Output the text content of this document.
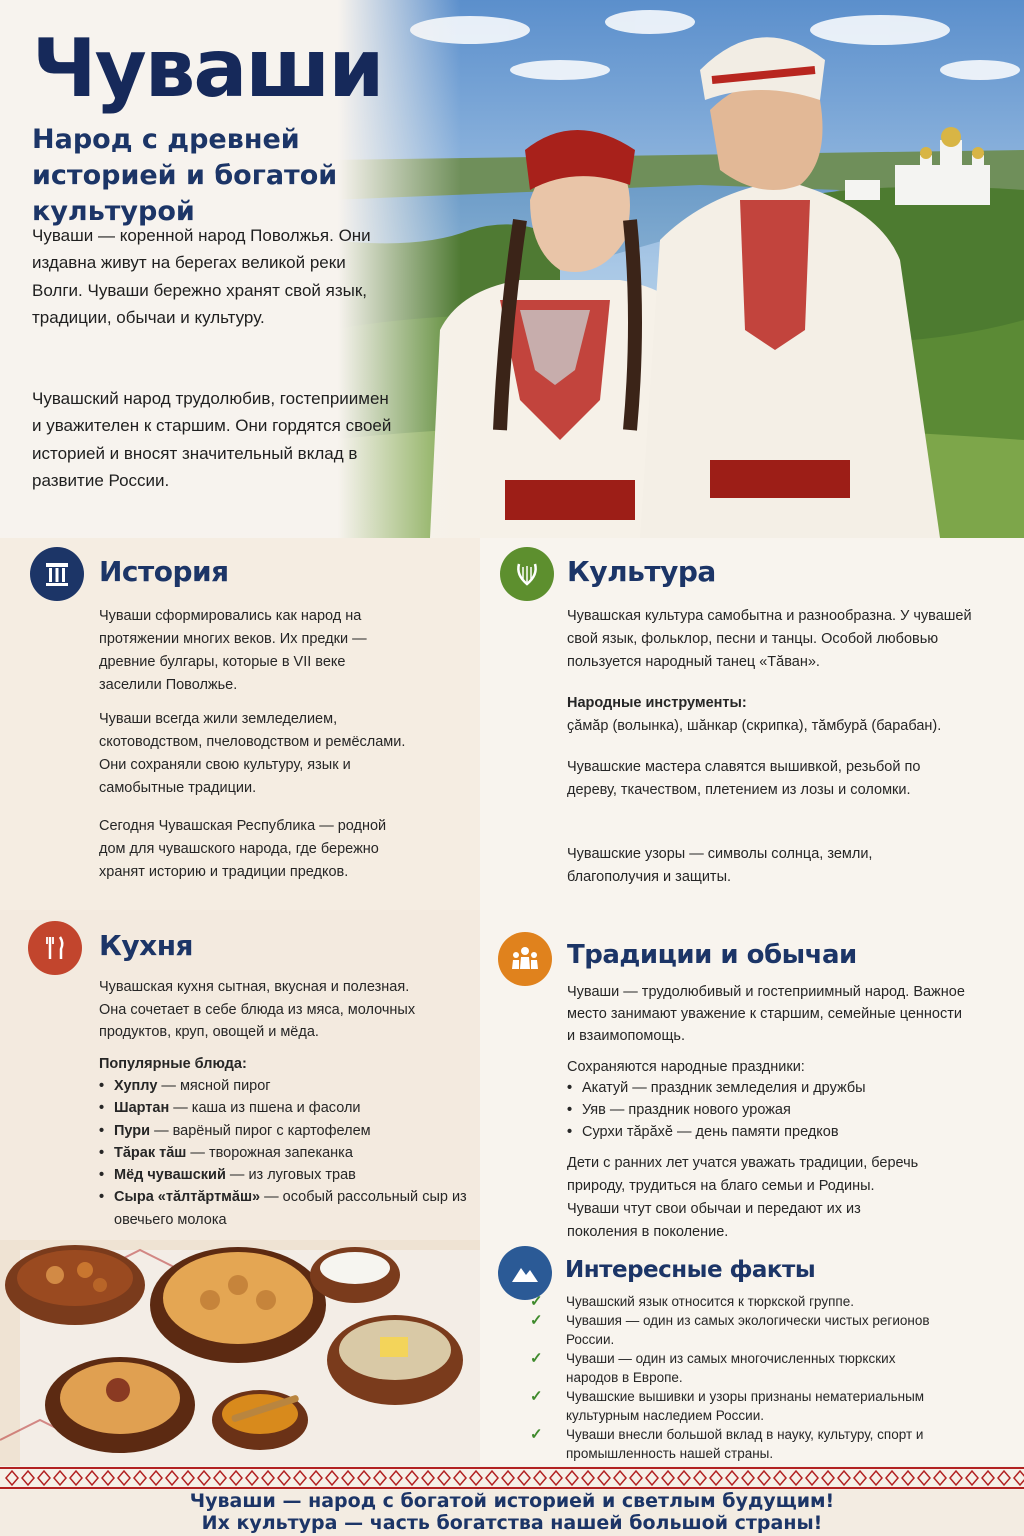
Чуваши
Народ с древней историей и богатой культурой
Чуваши — коренной народ Поволжья. Они издавна живут на берегах великой реки Волги. Чуваши бережно хранят свой язык, традиции, обычаи и культуру.
Чувашский народ трудолюбив, гостеприимен и уважителен к старшим. Они гордятся своей историей и вносят значительный вклад в развитие России.
История
Чуваши сформировались как народ на протяжении многих веков. Их предки — древние булгары, которые в VII веке заселили Поволжье.
Чуваши всегда жили земледелием, скотоводством, пчеловодством и ремёслами. Они сохраняли свою культуру, язык и самобытные традиции.
Сегодня Чувашская Республика — родной дом для чувашского народа, где бережно хранят историю и традиции предков.
Культура
Чувашская культура самобытна и разнообразна. У чувашей свой язык, фольклор, песни и танцы. Особой любовью пользуется народный танец «Тăван».
Народные инструменты:
ҫăмăр (волынка), шăнкар (скрипка), тăмбурă (барабан).
Чувашские мастера славятся вышивкой, резьбой по дереву, ткачеством, плетением из лозы и соломки.
Чувашские узоры — символы солнца, земли, благополучия и защиты.
Кухня
Чувашская кухня сытная, вкусная и полезная. Она сочетает в себе блюда из мяса, молочных продуктов, круп, овощей и мёда.
Популярные блюда:
• Хуплу — мясной пирог
• Шартан — каша из пшена и фасоли
• Пури — варёный пирог с картофелем
• Тăрак тăш — творожная запеканка
• Мёд чувашский — из луговых трав
• Сыра «тăлтăртмăш» — особый рассольный сыр из овечьего молока
Традиции и обычаи
Чуваши — трудолюбивый и гостеприимный народ. Важное место занимают уважение к старшим, семейные ценности и взаимопомощь.
Сохраняются народные праздники:
• Акатуй — праздник земледелия и дружбы
• Уяв — праздник нового урожая
• Сурхи тăрăхĕ — день памяти предков
Дети с ранних лет учатся уважать традиции, беречь природу, трудиться на благо семьи и Родины.
Чуваши чтут свои обычаи и передают их из поколения в поколение.
Интересные факты
✓ Чувашский язык относится к тюркской группе.
✓ Чувашия — один из самых экологически чистых регионов России.
✓ Чуваши — один из самых многочисленных тюркских народов в Европе.
✓ Чувашские вышивки и узоры признаны нематериальным культурным наследием России.
✓ Чуваши внесли большой вклад в науку, культуру, спорт и промышленность нашей страны.
Чуваши — народ с богатой историей и светлым будущим!
Их культура — часть богатства нашей большой страны!
